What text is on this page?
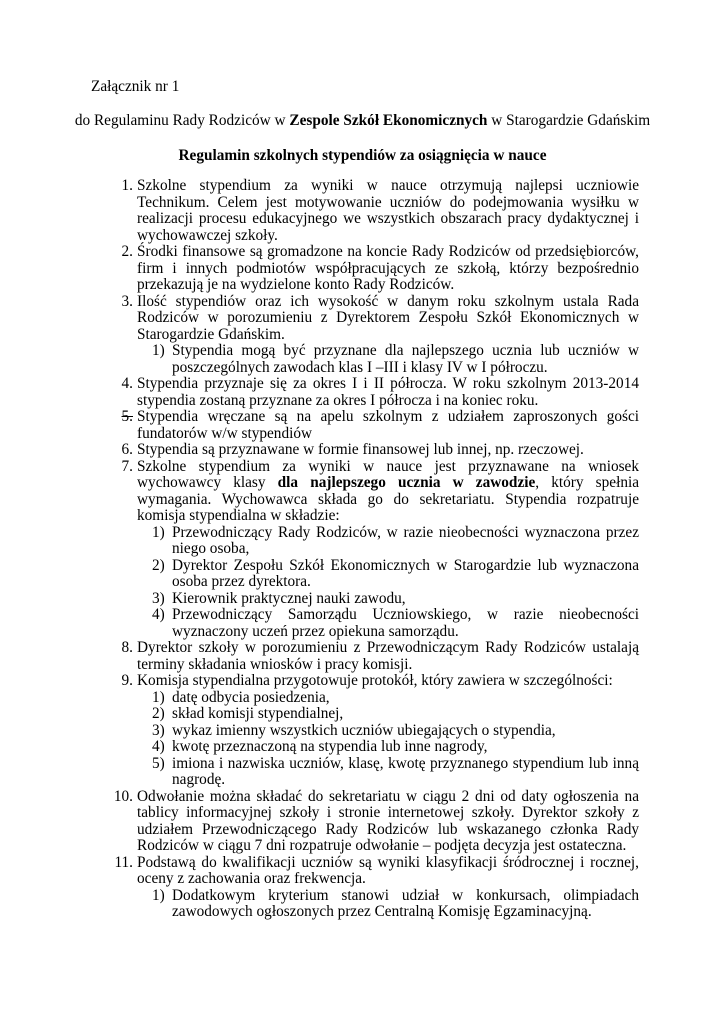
Załącznik nr 1

do Regulaminu Rady Rodziców w Zespole Szkół Ekonomicznych w Starogardzie Gdańskim

Regulamin szkolnych stypendiów za osiągnięcia w nauce

1. Szkolne stypendium za wyniki w nauce otrzymują najlepsi uczniowie Technikum. Celem jest motywowanie uczniów do podejmowania wysiłku w realizacji procesu edukacyjnego we wszystkich obszarach pracy dydaktycznej i wychowawczej szkoły.
2. Środki finansowe są gromadzone na koncie Rady Rodziców od przedsiębiorców, firm i innych podmiotów współpracujących ze szkołą, którzy bezpośrednio przekazują je na wydzielone konto Rady Rodziców.
3. Ilość stypendiów oraz ich wysokość w danym roku szkolnym ustala Rada Rodziców w porozumieniu z Dyrektorem Zespołu Szkół Ekonomicznych w Starogardzie Gdańskim.
1) Stypendia mogą być przyznane dla najlepszego ucznia lub uczniów w poszczególnych zawodach klas I –III i klasy IV w I półroczu.
4. Stypendia przyznaje się za okres I i II półrocza. W roku szkolnym 2013-2014 stypendia zostaną przyznane za okres I półrocza i na koniec roku.
5. Stypendia wręczane są na apelu szkolnym z udziałem zaproszonych gości fundatorów w/w stypendiów
6. Stypendia są przyznawane w formie finansowej lub innej, np. rzeczowej.
7. Szkolne stypendium za wyniki w nauce jest przyznawane na wniosek wychowawcy klasy dla najlepszego ucznia w zawodzie, który spełnia wymagania. Wychowawca składa go do sekretariatu. Stypendia rozpatruje komisja stypendialna w składzie:
1) Przewodniczący Rady Rodziców, w razie nieobecności wyznaczona przez niego osoba,
2) Dyrektor Zespołu Szkół Ekonomicznych w Starogardzie lub wyznaczona osoba przez dyrektora.
3) Kierownik praktycznej nauki zawodu,
4) Przewodniczący Samorządu Uczniowskiego, w razie nieobecności wyznaczony uczeń przez opiekuna samorządu.
8. Dyrektor szkoły w porozumieniu z Przewodniczącym Rady Rodziców ustalają terminy składania wniosków i pracy komisji.
9. Komisja stypendialna przygotowuje protokół, który zawiera w szczególności:
1) datę odbycia posiedzenia,
2) skład komisji stypendialnej,
3) wykaz imienny wszystkich uczniów ubiegających o stypendia,
4) kwotę przeznaczoną na stypendia lub inne nagrody,
5) imiona i nazwiska uczniów, klasę, kwotę przyznanego stypendium lub inną nagrodę.
10. Odwołanie można składać do sekretariatu w ciągu 2 dni od daty ogłoszenia na tablicy informacyjnej szkoły i stronie internetowej szkoły. Dyrektor szkoły z udziałem Przewodniczącego Rady Rodziców lub wskazanego członka Rady Rodziców w ciągu 7 dni rozpatruje odwołanie – podjęta decyzja jest ostateczna.
11. Podstawą do kwalifikacji uczniów są wyniki klasyfikacji śródrocznej i rocznej, oceny z zachowania oraz frekwencja.
1) Dodatkowym kryterium stanowi udział w konkursach, olimpiadach zawodowych ogłoszonych przez Centralną Komisję Egzaminacyjną.
